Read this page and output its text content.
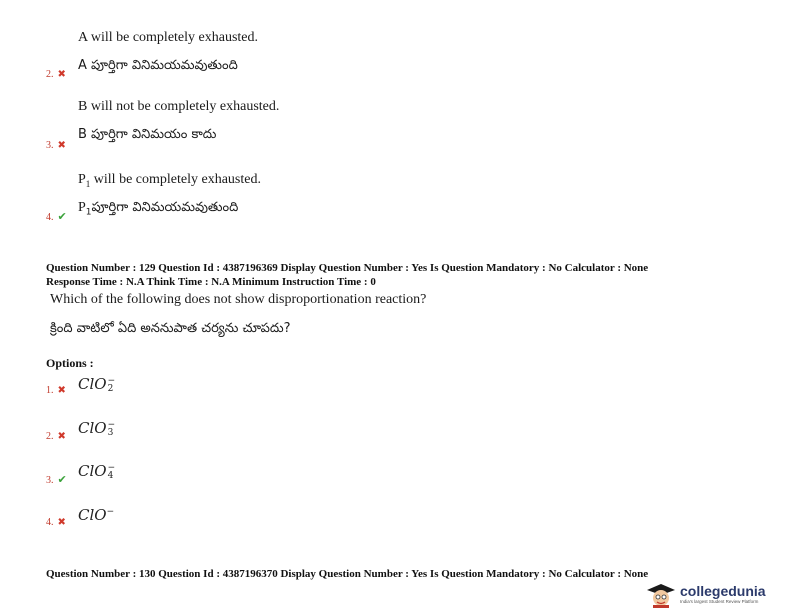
A will be completely exhausted.
A పూర్తిగా వినిమయమవుతుంది
2. ✖
B will not be completely exhausted.
B పూర్తిగా వినిమయం కాదు
3. ✖
$P_1$ will be completely exhausted.
$P_1పూర్తిగా$ వినిమయమవుతుంది
4. ✔
Question Number : 129 Question Id : 4387196369 Display Question Number : Yes Is Question Mandatory : No Calculator : None
Response Time : N.A Think Time : N.A Minimum Instruction Time : 0
Which of the following does not show disproportionation reaction?
క్రింది వాటిలో ఏది అననుపాత చర్యను చూపదు?
Options :
1. ✖ ClO −
2
2. ✖ ClO −
3
3. ✔ ClO −
4
4. ✖ ClO−
Question Number : 130 Question Id : 4387196370 Display Question Number : Yes Is Question Mandatory : No Calculator : None
collegedunia
India's largest Student Review Platform
